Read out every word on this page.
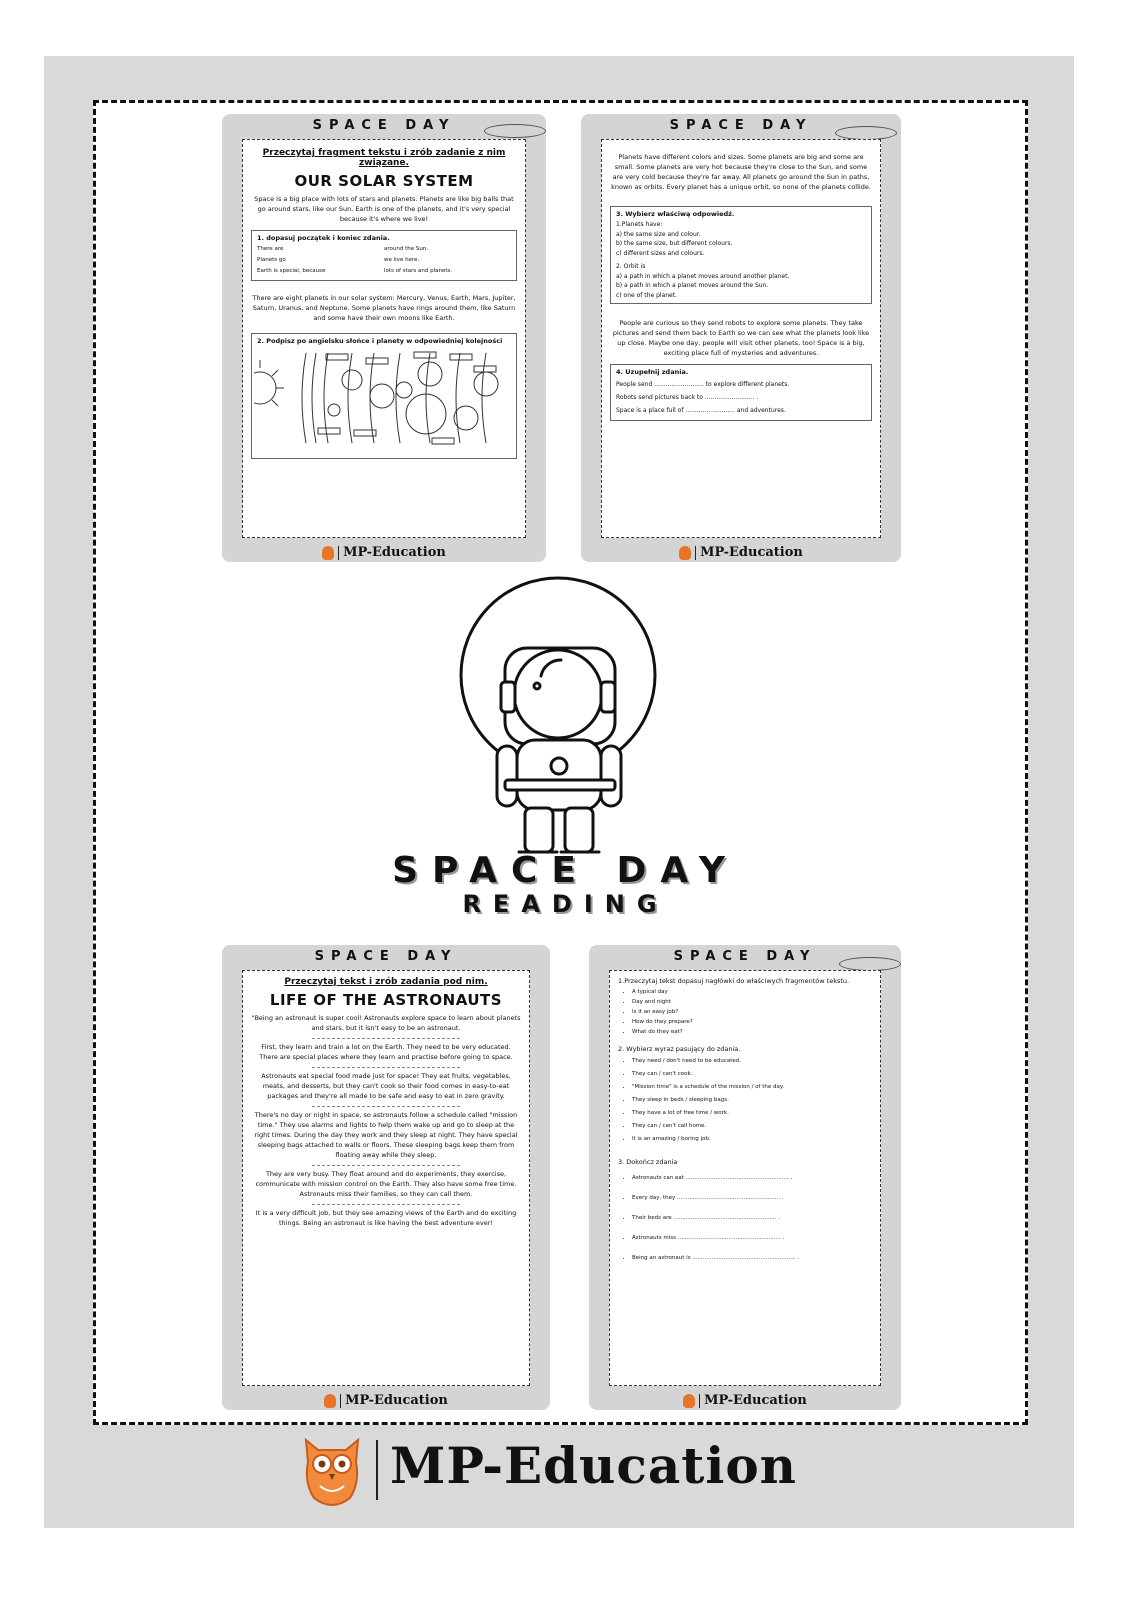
SPACE DAY

Przeczytaj fragment tekstu i zrób zadanie z nim związane.

OUR SOLAR SYSTEM

Space is a big place with lots of stars and planets. Planets are like big balls that go around stars, like our Sun. Earth is one of the planets, and it's very special because it's where we live!

1. dopasuj początek i koniec zdania.

There are	around the Sun.
Planets go	we live here.
Earth is special, because	lots of stars and planets.

There are eight planets in our solar system: Mercury, Venus, Earth, Mars, Jupiter, Saturn, Uranus, and Neptune. Some planets have rings around them, like Saturn and some have their own moons like Earth.

2. Podpisz po angielsku słońce i planety w odpowiedniej kolejności

MP-Education
SPACE DAY

Planets have different colors and sizes. Some planets are big and some are small. Some planets are very hot because they're close to the Sun, and some are very cold because they're far away. All planets go around the Sun in paths, known as orbits. Every planet has a unique orbit, so none of the planets collide.

3. Wybierz właściwą odpowiedź.

1.Planets have:

a) the same size and colour.

b) the same size, but different colours.

c) different sizes and colours.

2. Orbit is

a) a path in which a planet moves around another planet.

b) a path in which a planet moves around the Sun.

c) one of the planet.

People are curious so they send robots to explore some planets. They take pictures and send them back to Earth so we can see what the planets look like up close. Maybe one day, people will visit other planets, too! Space is a big, exciting place full of mysteries and adventures.

4. Uzupełnij zdania.

People send .......................... to explore different planets.

Robots send pictures back to .......................... .

Space is a place full of .......................... and adventures.

MP-Education
SPACE DAY
READING
SPACE DAY

Przeczytaj tekst i zrób zadania pod nim.

LIFE OF THE ASTRONAUTS

"Being an astronaut is super cool! Astronauts explore space to learn about planets and stars, but it isn't easy to be an astronaut.

First, they learn and train a lot on the Earth. They need to be very educated. There are special places where they learn and practise before going to space.

Astronauts eat special food made just for space! They eat fruits, vegetables, meats, and desserts, but they can't cook so their food comes in easy-to-eat packages and they're all made to be safe and easy to eat in zero gravity.

There's no day or night in space, so astronauts follow a schedule called "mission time." They use alarms and lights to help them wake up and go to sleep at the right times. During the day they work and they sleep at night. They have special sleeping bags attached to walls or floors. These sleeping bags keep them from floating away while they sleep.

They are very busy. They float around and do experiments, they exercise, communicate with mission control on the Earth. They also have some free time. Astronauts miss their families, so they can call them.

It is a very difficult job, but they see amazing views of the Earth and do exciting things. Being an astronaut is like having the best adventure ever!

MP-Education
SPACE DAY

1.Przeczytaj tekst dopasuj nagłówki do właściwych fragmentów tekstu.

• A typical day
• Day and night
• Is it an easy job?
• How do they prepare?
• What do they eat?

2. Wybierz wyraz pasujący do zdania.

• They need / don't need to be educated.
• They can / can't cook.
• "Mission time" is a schedule of the mission / of the day.
• They sleep in beds / sleeping bags.
• They have a lot of free time / work.
• They can / can't call home.
• It is an amazing / boring job.

3. Dokończ zdania

• Astronauts can eat ........................................................... .
• Every day, they ........................................................... .
• Their beds are ........................................................... .
• Astronauts miss ........................................................... .
• Being an astronaut is ........................................................... .
MP-Education
MP-Education
